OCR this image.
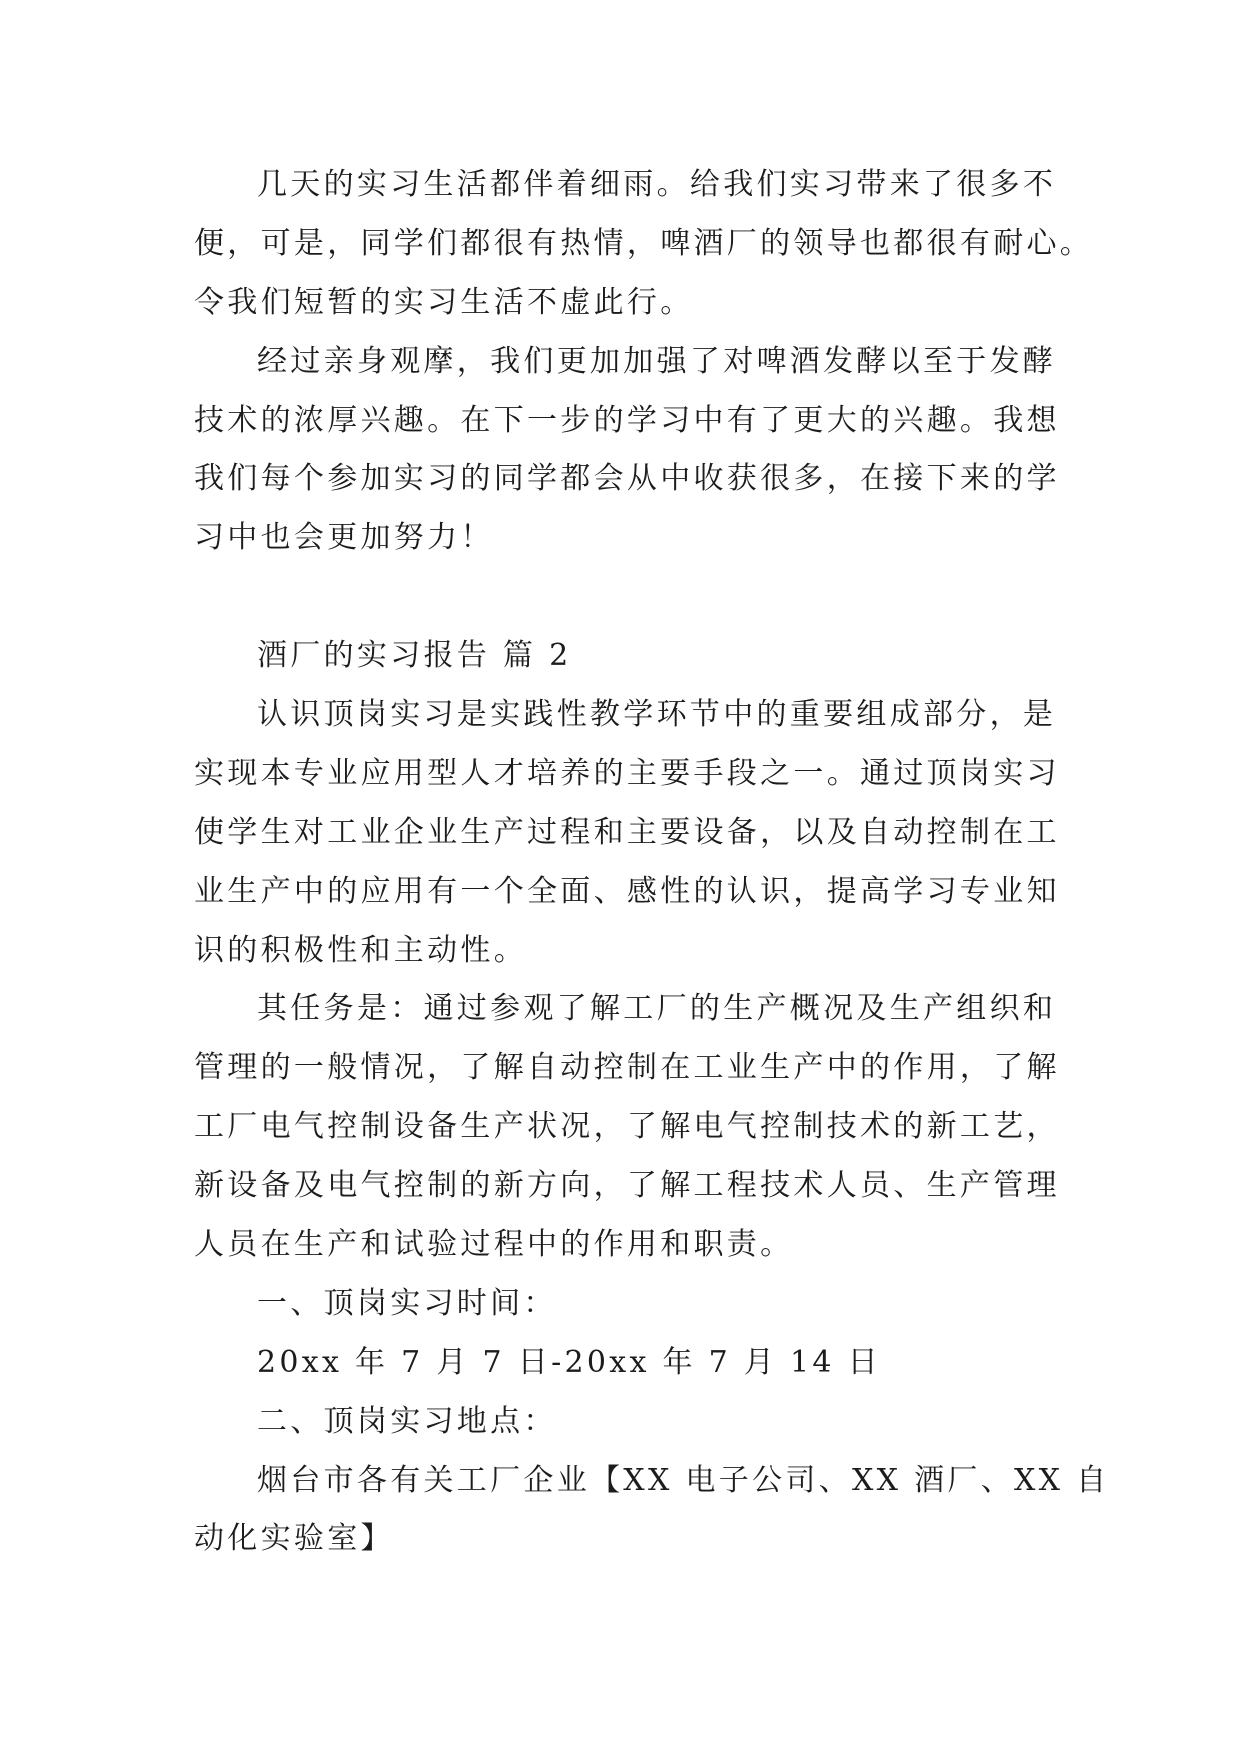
几天的实习生活都伴着细雨。给我们实习带来了很多不
便，可是，同学们都很有热情，啤酒厂的领导也都很有耐心。
令我们短暂的实习生活不虚此行。
经过亲身观摩，我们更加加强了对啤酒发酵以至于发酵
技术的浓厚兴趣。在下一步的学习中有了更大的兴趣。我想
我们每个参加实习的同学都会从中收获很多，在接下来的学
习中也会更加努力！
酒厂的实习报告 篇 2
认识顶岗实习是实践性教学环节中的重要组成部分，是
实现本专业应用型人才培养的主要手段之一。通过顶岗实习
使学生对工业企业生产过程和主要设备，以及自动控制在工
业生产中的应用有一个全面、感性的认识，提高学习专业知
识的积极性和主动性。
其任务是：通过参观了解工厂的生产概况及生产组织和
管理的一般情况，了解自动控制在工业生产中的作用，了解
工厂电气控制设备生产状况，了解电气控制技术的新工艺，
新设备及电气控制的新方向，了解工程技术人员、生产管理
人员在生产和试验过程中的作用和职责。
一、顶岗实习时间：
20xx 年 7 月 7 日-20xx 年 7 月 14 日
二、顶岗实习地点：
烟台市各有关工厂企业【XX 电子公司、XX 酒厂、XX 自
动化实验室】
